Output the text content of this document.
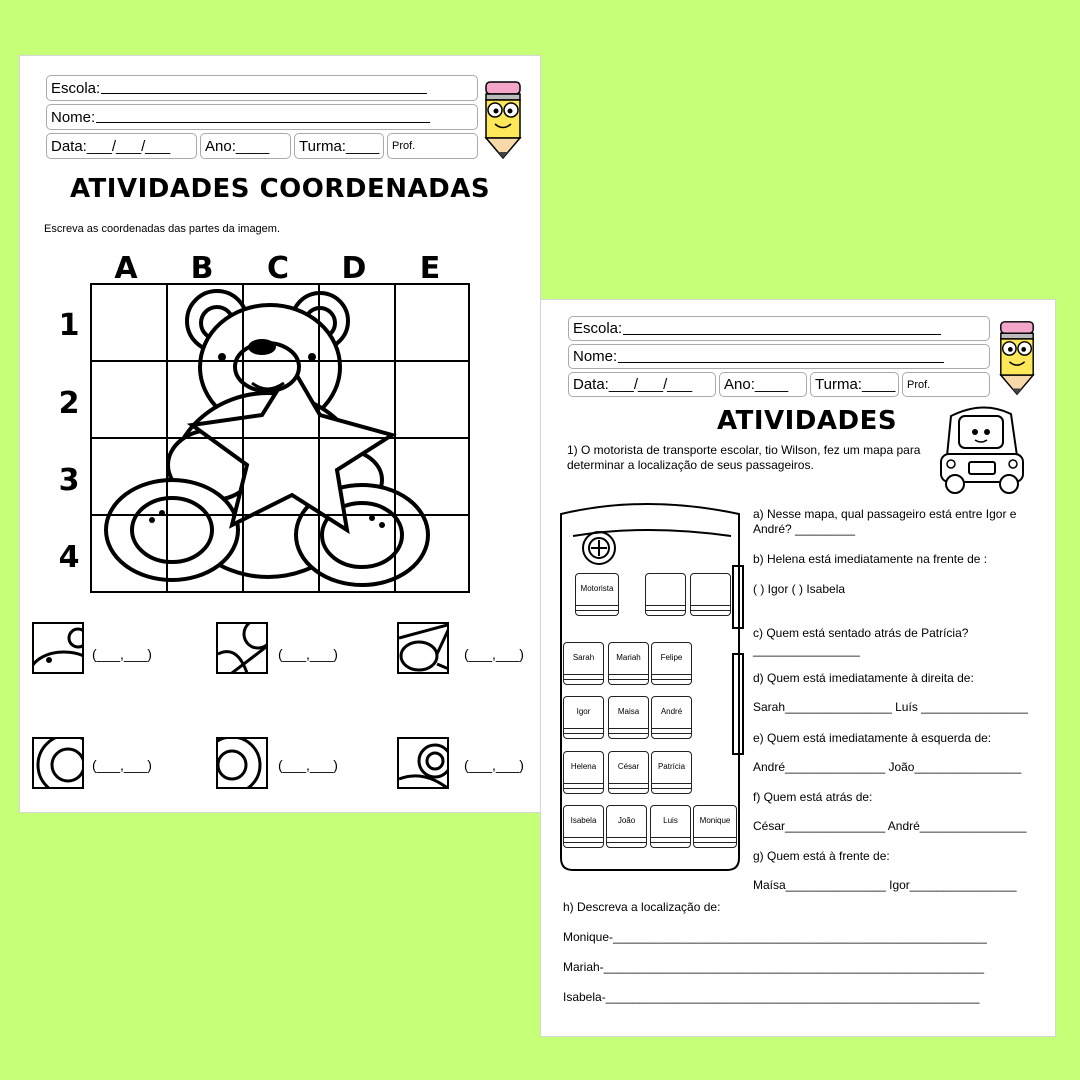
Escola:
Nome:
Data:___/___/___ Ano:____ Turma:____ Prof.
ATIVIDADES COORDENADAS
Escreva as coordenadas das partes da imagem.
A B C D	E
1
2
3
4
(___,___)	(___,___)	(___,___)
(___,___)	(___,___)	(___,___)
Escola:
Nome:
Data:___/___/___ Ano:____ Turma:____ Prof.
ATIVIDADES
1) O motorista de transporte escolar, tio Wilson, fez um mapa para determinar a localização de seus passageiros.
Motorista
Sarah	Mariah	Felipe
Igor	Maisa	André
Helena	César	Patrícia
Isabela	João	Luis	Monique
a) Nesse mapa, qual passageiro está entre Igor e André? _________
b) Helena está imediatamente na frente de :
( ) Igor ( ) Isabela
c) Quem está sentado atrás de Patrícia? ________________
d) Quem está imediatamente à direita de:
Sarah________________ Luís ________________
e) Quem está imediatamente à esquerda de:
André_______________ João________________
f) Quem está atrás de:
César_______________ André________________
g) Quem está à frente de:
Maísa_______________ Igor________________
h) Descreva a localização de:
Monique-________________________________________________________
Mariah-_________________________________________________________
Isabela-________________________________________________________
